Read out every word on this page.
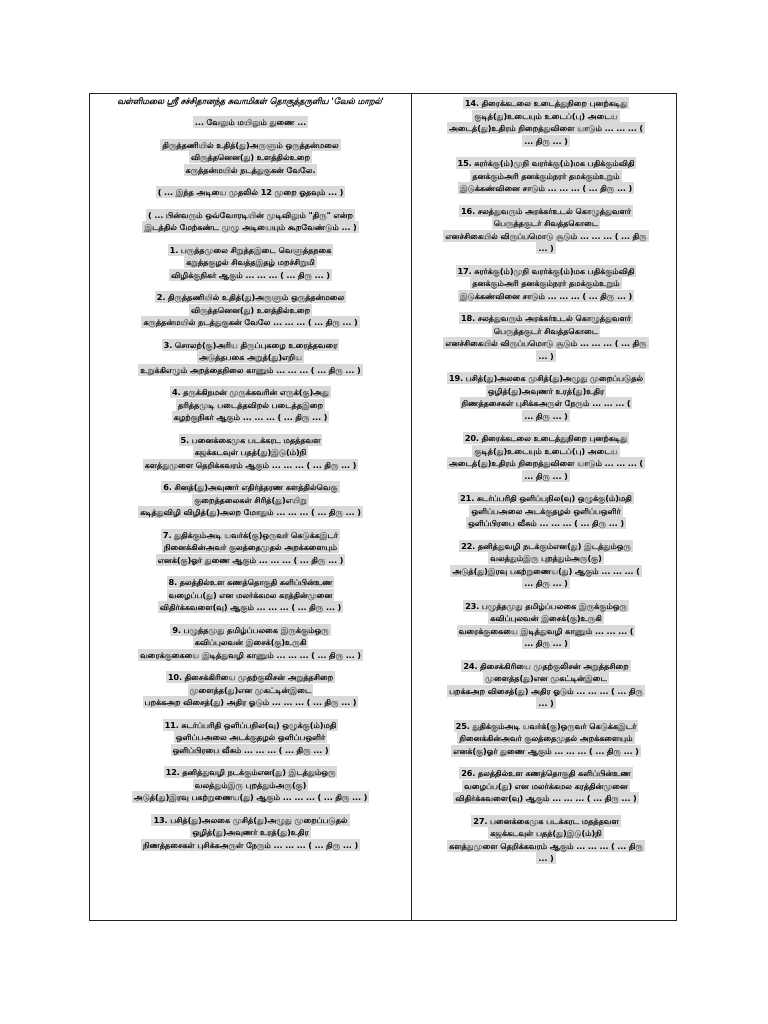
வள்ளிமலை ஸ்ரீ சச்சிதானந்த சுவாமிகள் தொகுத்தருளிய 'வேல் மாறல்'
... வேலும் மயிலும் துணை ...
திருத்தணியில் உதித்(து)அருளும் ஒருத்தன்மலை
விருத்தனென(து) உளத்தில்உறை
கருத்தன்மயில் நடத்துகுகன் வேலே.
( ... இந்த அடியை முதலில் 12 முறை ஓதவும் ... )
( ... பின்வரும் ஒவ்வோரடியின் முடிவிலும் "திரு" என்ற
இடத்தில் மேற்கண்ட முழு அடியையும் கூறவேண்டும் ... )
1. பருத்தமுலை சிறுத்தஇடை வெளுத்தநகை
கறுத்தகுழல் சிவத்தஇதழ் மறச்சிறுமி
விழிக்குநிகர் ஆகும் ... ... ... ( ... திரு ... )
2. திருத்தணியில் உதித்(து)அருளும் ஒருத்தன்மலை
விருத்தனென(து) உளத்தில்உறை
கருத்தன்மயில் நடத்துகுகன் வேலே ... ... ... ( ... திரு ... )
3. சொலற்(கு)அரிய திருப்புகழை உரைத்தவரை
அடுத்தபகை அறுத்(து)எறிய
உறுக்கிஎழும் அறத்தைநிலை காணும் ... ... ... ( ... திரு ... )
4. தருக்கிநமன் முருக்கவரின் எருக்(கு)அது
தரித்தமுடி படைத்தவிறல் படைத்தஇறை
கழற்குநிகர் ஆகும் ... ... ... ( ... திரு ... )
5. பனைக்கைமுக படக்கரட மதத்தவள
கஜக்கடவுள் பதத்(து)இடு(ம்)நி
களத்துமுளை தெறிக்கவரம் ஆகும் ... ... ... ( ... திரு ... )
6. சினத்(து)அவுணர் எதிர்த்தரண களத்தில்வெகு
குறைத்தலைகள் சிரித்(து)எயிறு
கடித்துவிழி விழித்(து)அலற மோதும் ... ... ... ( ... திரு ... )
7. துதிக்கும்அடி யவர்க்(கு)ஒருவர் கெடுக்கஇடர்
நினைக்கின்அவர் குலத்தைமுதல் அறக்களையும்
எனக்(கு)ஓர் துணை ஆகும் ... ... ... ( ... திரு ... )
8. தலத்தில்உள கணத்தொகுதி களிப்பின்உண
வழைப்ப(து) என மலர்க்கமல கரத்தின்முனை
விதிர்க்கவளை(வு) ஆகும் ... ... ... ( ... திரு ... )
9. பழுத்தமுது தமிழ்ப்பலகை இருக்கும்ஒரு
கவிப்புலவன் இசைக்(கு)உருகி
வரைக்குகையை இடித்துவழி காணும் ... ... ... ( ... திரு ... )
10. திசைக்கிரியை முதற்குலிசன் அறுத்தசிறை
முளைத்த(து)என முகட்டின்இடை
பறக்கஅற விசைத்(து) அதிர ஓடும் ... ... ... ( ... திரு ... )
11. சுடர்ப்பரிதி ஒளிப்பநில(வு) ஒழுக்கு(ம்)மதி
ஒளிப்பஅலை அடக்குதழல் ஒளிப்பஒளிர்
ஒளிப்பிரபை வீசும் ... ... ... ( ... திரு ... )
12. தனித்துவழி நடக்கும்என(து) இடத்தும்ஒரு
வலத்தும்இரு புறத்தும்அரு(கு)
அடுத்(து)இரவு பகற்றுணைய(து) ஆகும் ... ... ... ( ... திரு ... )
13. பசித்(து)அலகை முசித்(து)அழுது முறைப்படுதல்
ஒழித்(து)அவுணர் உரத்(து)உதிர
நிணத்தசைகள் புசிக்கஅருள் நேரும் ... ... ... ( ... திரு ... )
14. திரைக்கடலை உடைத்துநிறை புனற்கடிது
குடித்(து)உடையும் உடைப்(பு) அடைய
அடைத்(து)உதிரம் நிறைத்துவிளை யாடும் ... ... ... (
... திரு ... )
15. சுரர்க்கு(ம்)முநி வரர்க்கு(ம்)மக பதிக்கும்விதி
தனக்கும்அரி தனக்கும்நரர் தமக்கும்உறும்
இடுக்கண்வினை சாடும் ... ... ... ( ... திரு ... )
16. சலத்துவரும் அரக்கர்உடல் கொழுத்துவளர்
பெருத்தகுடர் சிவத்தகொடை
எனச்சிகையில் விருப்பமொடு சூடும் ... ... ... ( ... திரு
... )
17. சுரர்க்கு(ம்)முநி வரர்க்கு(ம்)மக பதிக்கும்விதி
தனக்கும்அரி தனக்கும்நரர் தமக்கும்உறும்
இடுக்கண்வினை சாடும் ... ... ... ( ... திரு ... )
18. சலத்துவரும் அரக்கர்உடல் கொழுத்துவளர்
பெருத்தகுடர் சிவத்தகொடை
எனச்சிகையில் விருப்பமொடு சூடும் ... ... ... ( ... திரு
... )
19. பசித்(து)அலகை முசித்(து)அழுது முறைப்படுதல்
ஒழித்(து)அவுணர் உரத்(து)உதிர
நிணத்தசைகள் புசிக்கஅருள் நேரும் ... ... ... (
... திரு ... )
20. திரைக்கடலை உடைத்துநிறை புனற்கடிது
குடித்(து)உடையும் உடைப்(பு) அடைய
அடைத்(து)உதிரம் நிறைத்துவிளை யாடும் ... ... ... (
... திரு ... )
21. சுடர்ப்பரிதி ஒளிப்பநில(வு) ஒழுக்கு(ம்)மதி
ஒளிப்பஅலை அடக்குதழல் ஒளிப்பஒளிர்
ஒளிப்பிரபை வீசும் ... ... ... ( ... திரு ... )
22. தனித்துவழி நடக்கும்என(து) இடத்தும்ஒரு
வலத்தும்இரு புறத்தும்அரு(கு)
அடுத்(து)இரவு பகற்றுணைய(து) ஆகும் ... ... ... (
... திரு ... )
23. பழுத்தமுது தமிழ்ப்பலகை இருக்கும்ஒரு
கவிப்புலவன் இசைக்(கு)உருகி
வரைக்குகையை இடித்துவழி காணும் ... ... ... (
... திரு ... )
24. திசைக்கிரியை முதற்குலிசன் அறுத்தசிறை
முளைத்த(து)என முகட்டின்இடை
பறக்கஅற விசைத்(து) அதிர ஓடும் ... ... ... ( ... திரு
... )
25. துதிக்கும்அடி யவர்க்(கு)ஒருவர் கெடுக்கஇடர்
நினைக்கின்அவர் குலத்தைமுதல் அறக்களையும்
எனக்(கு)ஓர் துணை ஆகும் ... ... ... ( ... திரு ... )
26. தலத்தில்உள கணத்தொகுதி களிப்பின்உண
வழைப்ப(து) என மலர்க்கமல கரத்தின்முனை
விதிர்க்கவளை(வு) ஆகும் ... ... ... ( ... திரு ... )
27. பனைக்கைமுக படக்கரட மதத்தவள
கஜக்கடவுள் பதத்(து)இடு(ம்)நி
களத்துமுளை தெறிக்கவரம் ஆகும் ... ... ... ( ... திரு
... )
